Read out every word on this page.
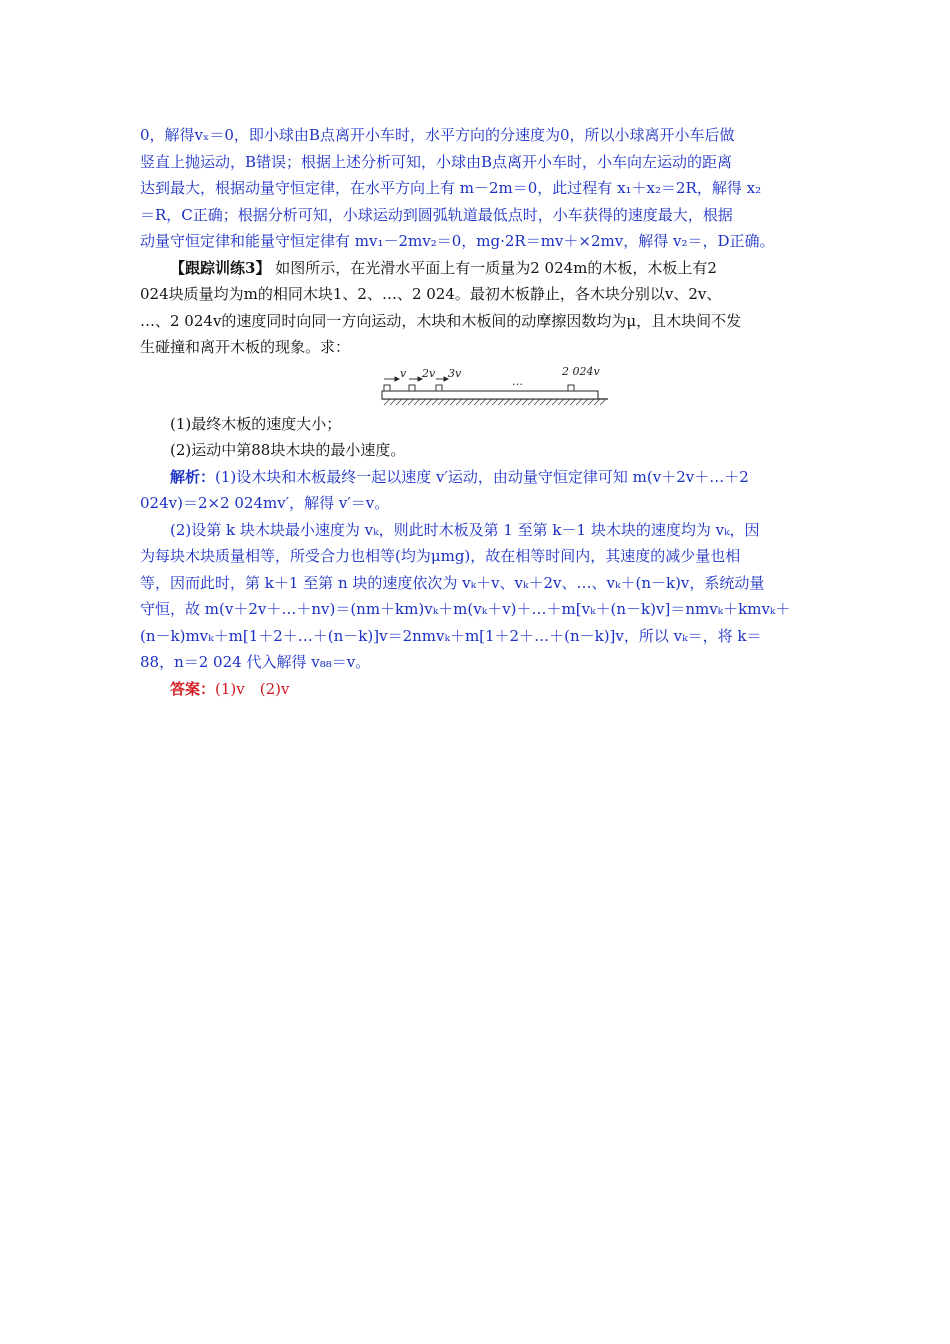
0，解得vₓ＝0，即小球由B点离开小车时，水平方向的分速度为0，所以小球离开小车后做
竖直上抛运动，B错误；根据上述分析可知，小球由B点离开小车时，小车向左运动的距离
达到最大，根据动量守恒定律，在水平方向上有 m－2m＝0，此过程有 x₁＋x₂＝2R，解得 x₂
＝R，C正确；根据分析可知，小球运动到圆弧轨道最低点时，小车获得的速度最大，根据
动量守恒定律和能量守恒定律有 mv₁－2mv₂＝0，mg·2R＝mv＋×2mv，解得 v₂＝，D正确。
【跟踪训练3】 如图所示，在光滑水平面上有一质量为2 024m的木板，木板上有2
024块质量均为m的相同木块1、2、…、2 024。最初木板静止，各木块分别以v、2v、
…、2 024v的速度同时向同一方向运动，木块和木板间的动摩擦因数均为μ，且木块间不发
生碰撞和离开木板的现象。求：
v 2v 3v
…
2 024v
(1)最终木板的速度大小；
(2)运动中第88块木块的最小速度。
解析：(1)设木块和木板最终一起以速度 v′运动，由动量守恒定律可知 m(v＋2v＋…＋2
024v)＝2×2 024mv′，解得 v′＝v。
(2)设第 k 块木块最小速度为 vₖ，则此时木板及第 1 至第 k－1 块木块的速度均为 vₖ，因
为每块木块质量相等，所受合力也相等(均为μmg)，故在相等时间内，其速度的减少量也相
等，因而此时，第 k＋1 至第 n 块的速度依次为 vₖ＋v、vₖ＋2v、…、vₖ＋(n－k)v，系统动量
守恒，故 m(v＋2v＋…＋nv)＝(nm＋km)vₖ＋m(vₖ＋v)＋…＋m[vₖ＋(n－k)v]＝nmvₖ＋kmvₖ＋
(n－k)mvₖ＋m[1＋2＋…＋(n－k)]v＝2nmvₖ＋m[1＋2＋…＋(n－k)]v，所以 vₖ＝，将 k＝
88，n＝2 024 代入解得 v₈₈＝v。
答案：(1)v　(2)v
